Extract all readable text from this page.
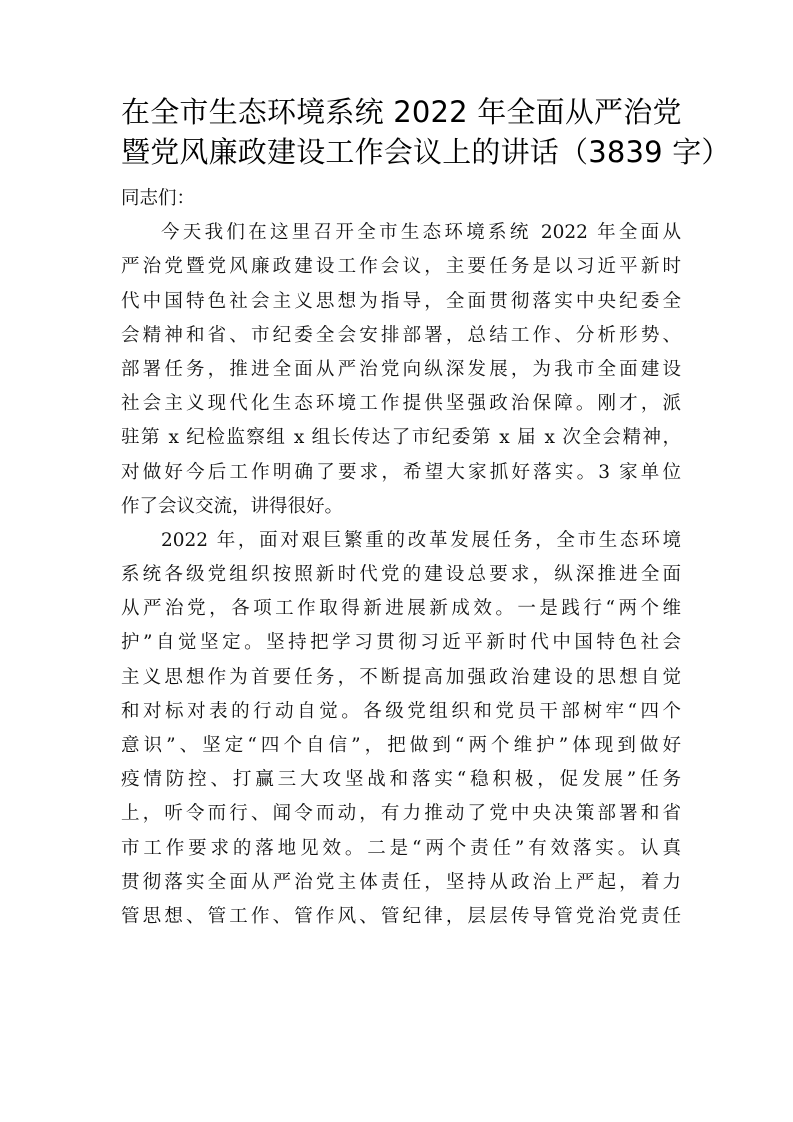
在全市生态环境系统 2022 年全面从严治党
暨党风廉政建设工作会议上的讲话（3839 字）
同志们：
今天我们在这里召开全市生态环境系统 2022 年全面从
严治党暨党风廉政建设工作会议，主要任务是以习近平新时
代中国特色社会主义思想为指导，全面贯彻落实中央纪委全
会精神和省、市纪委全会安排部署，总结工作、分析形势、
部署任务，推进全面从严治党向纵深发展，为我市全面建设
社会主义现代化生态环境工作提供坚强政治保障。刚才，派
驻第 x 纪检监察组 x 组长传达了市纪委第 x 届 x 次全会精神，
对做好今后工作明确了要求，希望大家抓好落实。3 家单位
作了会议交流，讲得很好。
2022 年，面对艰巨繁重的改革发展任务，全市生态环境
系统各级党组织按照新时代党的建设总要求，纵深推进全面
从严治党，各项工作取得新进展新成效。一是践行“两个维
护”自觉坚定。坚持把学习贯彻习近平新时代中国特色社会
主义思想作为首要任务，不断提高加强政治建设的思想自觉
和对标对表的行动自觉。各级党组织和党员干部树牢“四个
意识”、坚定“四个自信”，把做到“两个维护”体现到做好
疫情防控、打赢三大攻坚战和落实“稳积极，促发展”任务
上，听令而行、闻令而动，有力推动了党中央决策部署和省
市工作要求的落地见效。二是“两个责任”有效落实。认真
贯彻落实全面从严治党主体责任，坚持从政治上严起，着力
管思想、管工作、管作风、管纪律，层层传导管党治党责任
